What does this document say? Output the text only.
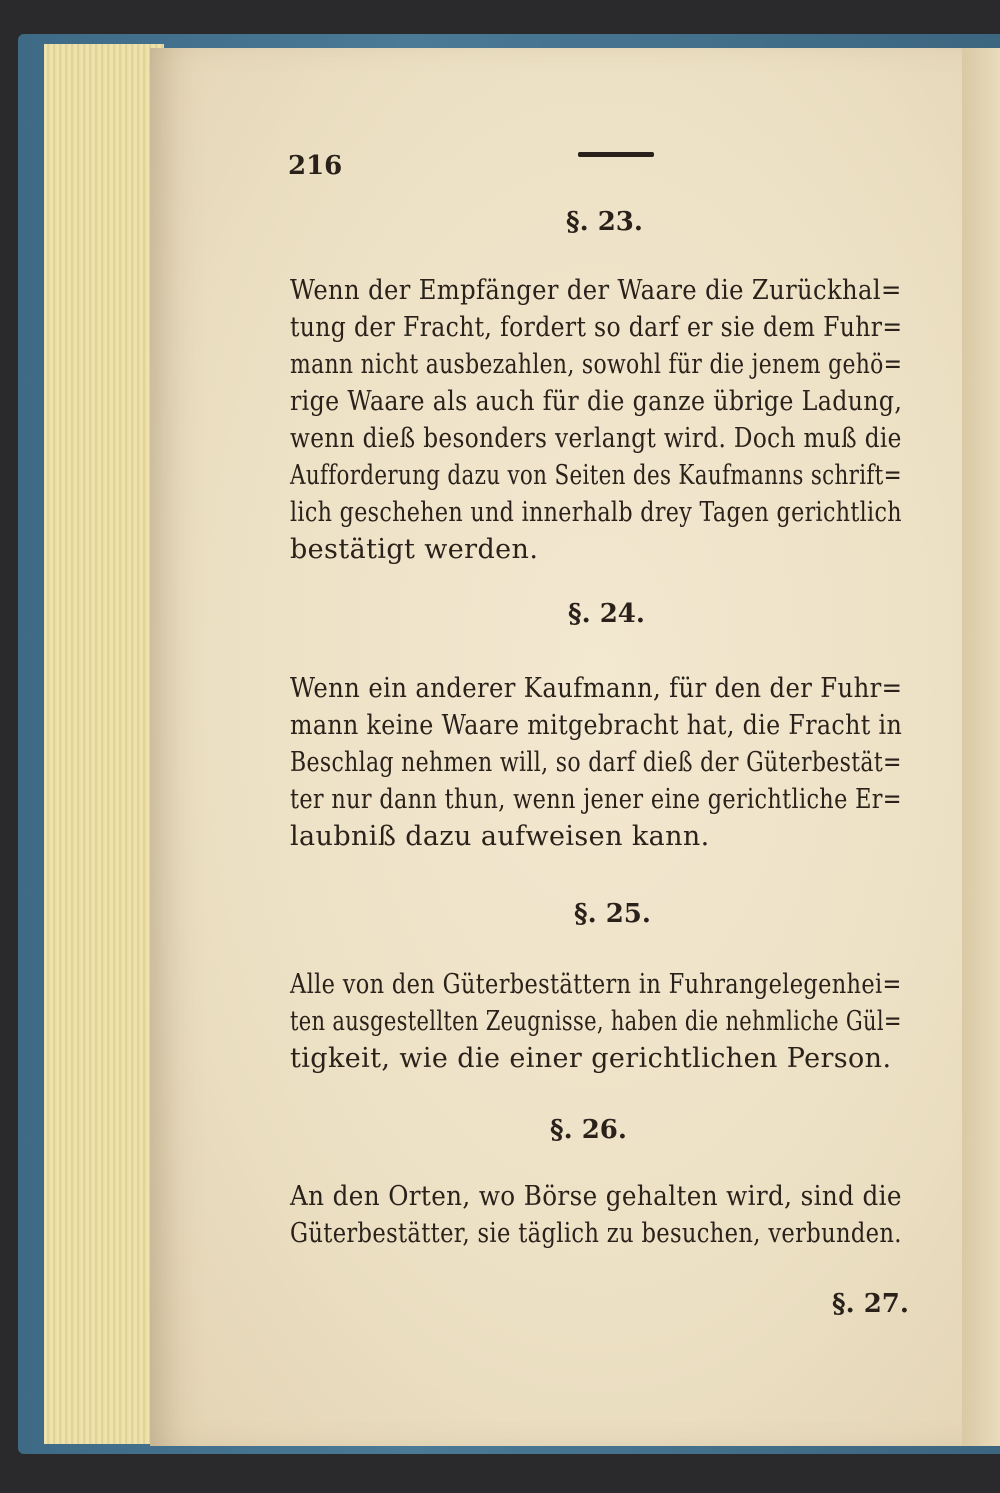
216
§. 23.
Wenn der Empfänger der Waare die Zurückhal=
tung der Fracht, fordert so darf er sie dem Fuhr=
mann nicht ausbezahlen, sowohl für die jenem gehö=
rige Waare als auch für die ganze übrige Ladung,
wenn dieß besonders verlangt wird. Doch muß die
Aufforderung dazu von Seiten des Kaufmanns schrift=
lich geschehen und innerhalb drey Tagen gerichtlich
bestätigt werden.
§. 24.
Wenn ein anderer Kaufmann, für den der Fuhr=
mann keine Waare mitgebracht hat, die Fracht in
Beschlag nehmen will, so darf dieß der Güterbestät=
ter nur dann thun, wenn jener eine gerichtliche Er=
laubniß dazu aufweisen kann.
§. 25.
Alle von den Güterbestättern in Fuhrangelegenhei=
ten ausgestellten Zeugnisse, haben die nehmliche Gül=
tigkeit, wie die einer gerichtlichen Person.
§. 26.
An den Orten, wo Börse gehalten wird, sind die
Güterbestätter, sie täglich zu besuchen, verbunden.
§. 27.
